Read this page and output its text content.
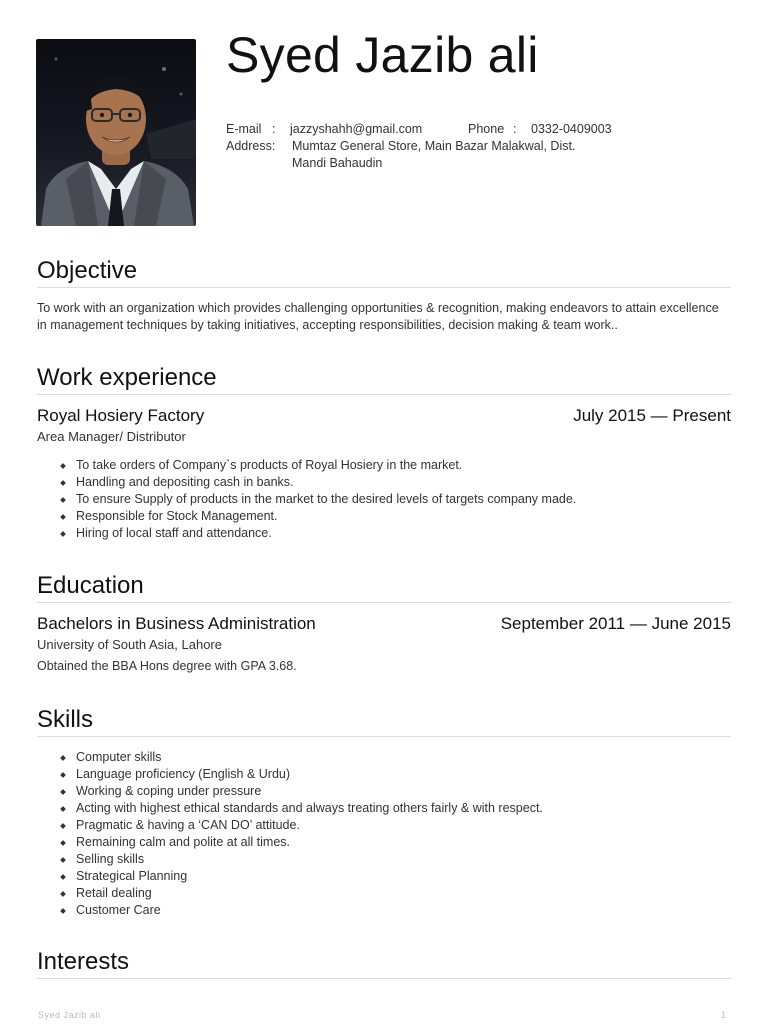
Syed Jazib ali
E-mail : jazzyshahh@gmail.com	Phone : 0332-0409003
Address: Mumtaz General Store, Main Bazar Malakwal, Dist.
Mandi Bahaudin
Objective

To work with an organization which provides challenging opportunities & recognition, making endeavors to attain excellence in management techniques by taking initiatives, accepting responsibilities, decision making & team work..

Work experience

Royal Hosiery Factory	July 2015 — Present

Area Manager/ Distributor

To take orders of Company`s products of Royal Hosiery in the market.
Handling and depositing cash in banks.
To ensure Supply of products in the market to the desired levels of targets company made.
Responsible for Stock Management.
Hiring of local staff and attendance.
Education

Bachelors in Business Administration	September 2011 — June 2015

University of South Asia, Lahore

Obtained the BBA Hons degree with GPA 3.68.

Skills
Computer skills
Language proficiency (English & Urdu)
Working & coping under pressure
Acting with highest ethical standards and always treating others fairly & with respect.
Pragmatic & having a ‘CAN DO’ attitude.
Remaining calm and polite at all times.
Selling skills
Strategical Planning
Retail dealing
Customer Care
Interests
Syed Jazib ali	1
